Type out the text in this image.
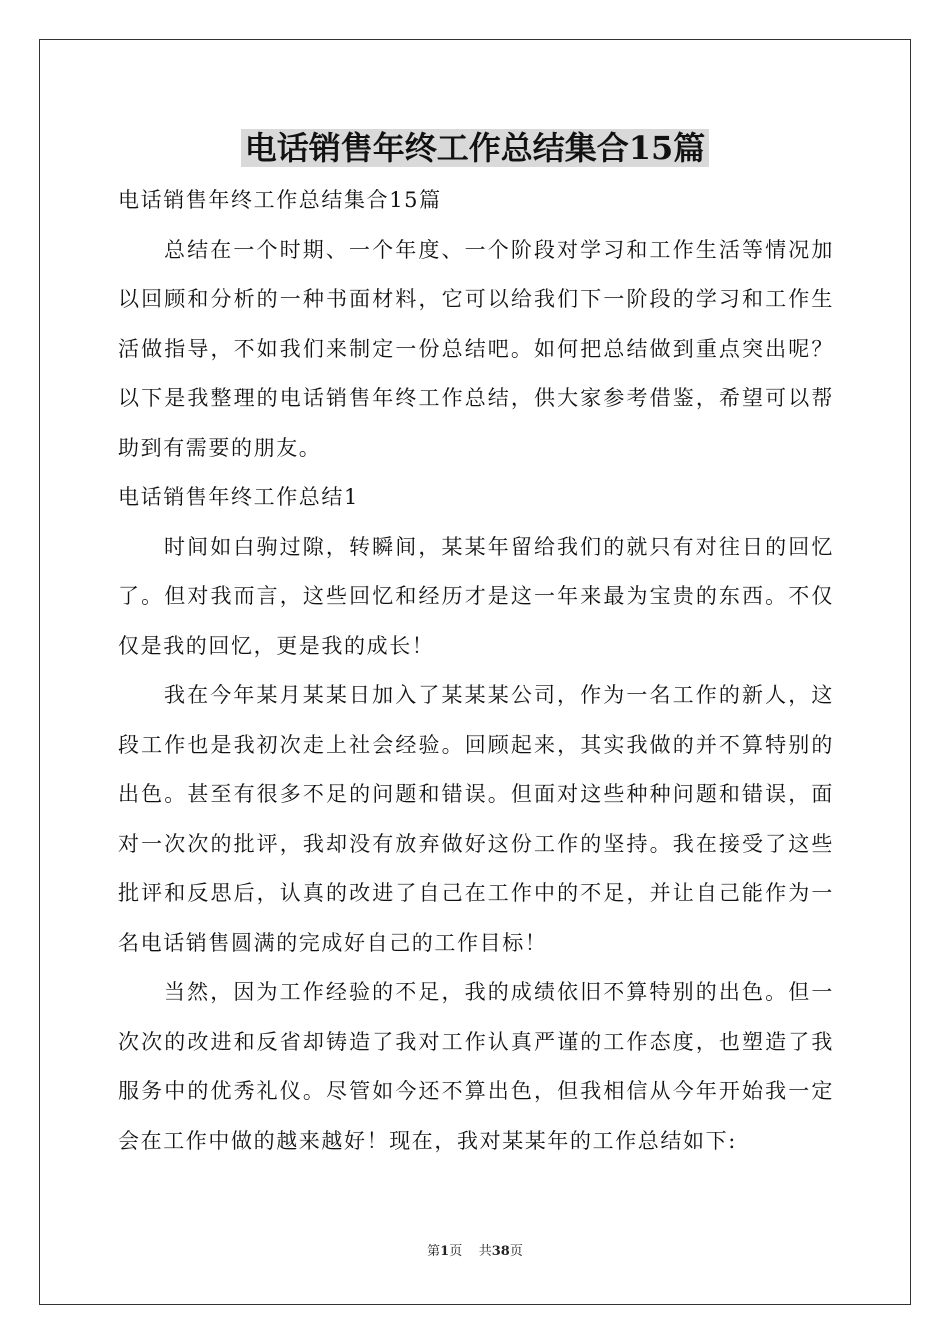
电话销售年终工作总结集合15篇

电话销售年终工作总结集合15篇

总结在一个时期、一个年度、一个阶段对学习和工作生活等情况加以回顾和分析的一种书面材料，它可以给我们下一阶段的学习和工作生活做指导，不如我们来制定一份总结吧。如何把总结做到重点突出呢？以下是我整理的电话销售年终工作总结，供大家参考借鉴，希望可以帮助到有需要的朋友。

电话销售年终工作总结1

时间如白驹过隙，转瞬间，某某年留给我们的就只有对往日的回忆了。但对我而言，这些回忆和经历才是这一年来最为宝贵的东西。不仅仅是我的回忆，更是我的成长！

我在今年某月某某日加入了某某某公司，作为一名工作的新人，这段工作也是我初次走上社会经验。回顾起来，其实我做的并不算特别的出色。甚至有很多不足的问题和错误。但面对这些种种问题和错误，面对一次次的批评，我却没有放弃做好这份工作的坚持。我在接受了这些批评和反思后，认真的改进了自己在工作中的不足，并让自己能作为一名电话销售圆满的完成好自己的工作目标！

当然，因为工作经验的不足，我的成绩依旧不算特别的出色。但一次次的改进和反省却铸造了我对工作认真严谨的工作态度，也塑造了我服务中的优秀礼仪。尽管如今还不算出色，但我相信从今年开始我一定会在工作中做的越来越好！现在，我对某某年的工作总结如下:

第1页 共38页
